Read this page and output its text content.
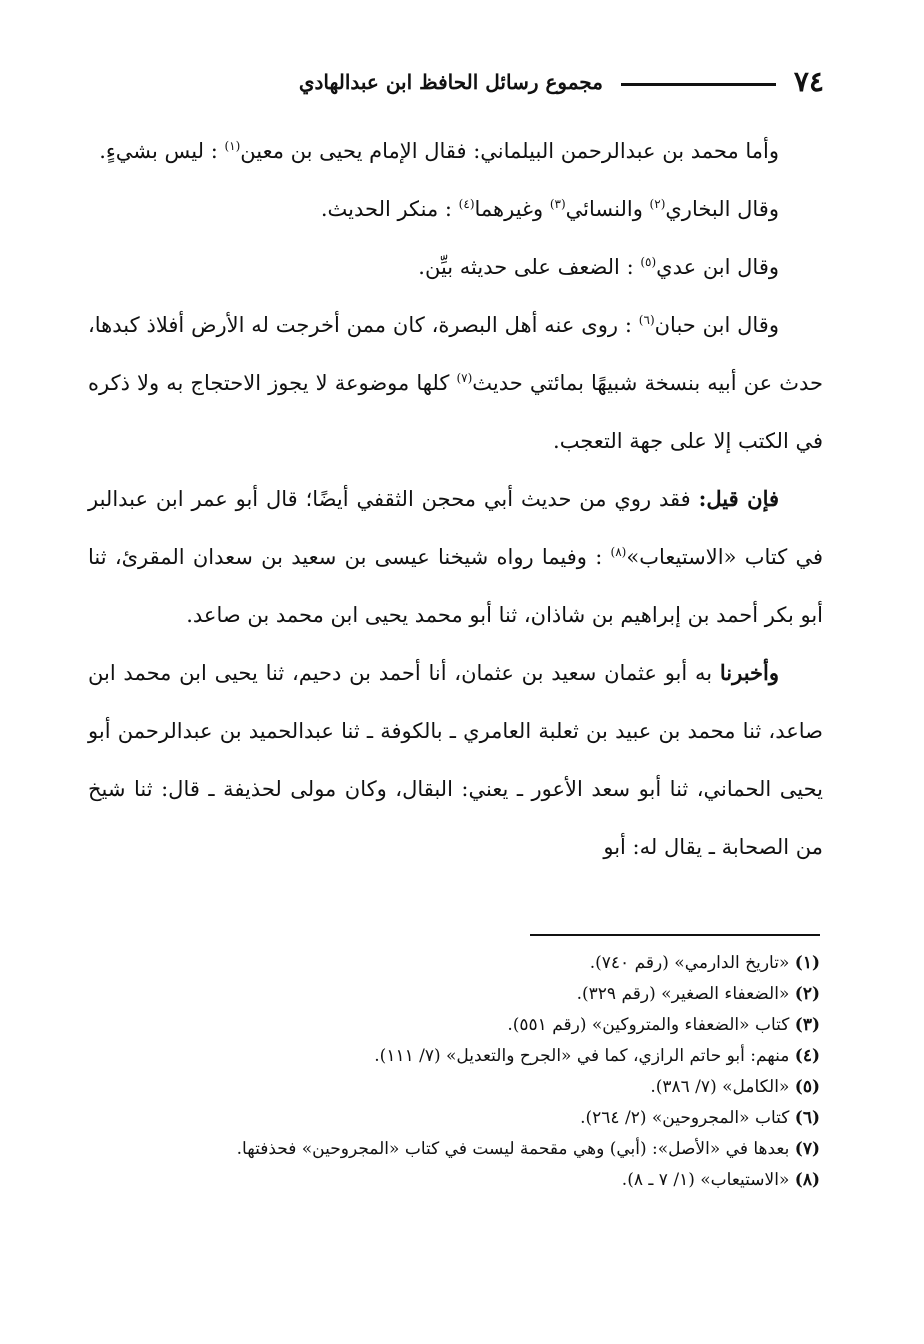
٧٤
مجموع رسائل الحافظ ابن عبدالهادي

وأما محمد بن عبدالرحمن البيلماني: فقال الإمام يحيى بن معين$^{(١)}$ : ليس بشيءٍ.

وقال البخاري$^{(٢)}$ والنسائي$^{(٣)}$ وغيرهما$^{(٤)}$ : منكر الحديث.

وقال ابن عدي$^{(٥)}$ : الضعف على حديثه بيِّن.

وقال ابن حبان$^{(٦)}$ : روى عنه أهل البصرة، كان ممن أخرجت له الأرض أفلاذ كبدها، حدث عن أبيه بنسخة شبيهًا بمائتي حديث$^{(٧)}$ كلها موضوعة لا يجوز الاحتجاج به ولا ذكره في الكتب إلا على جهة التعجب.

فإن قيل: فقد روي من حديث أبي محجن الثقفي أيضًا؛ قال أبو عمر ابن عبدالبر في كتاب «الاستيعاب»$^{(٨)}$ : وفيما رواه شيخنا عيسى بن سعيد بن سعدان المقرئ، ثنا أبو بكر أحمد بن إبراهيم بن شاذان، ثنا أبو محمد يحيى ابن محمد بن صاعد.

وأخبرنا به أبو عثمان سعيد بن عثمان، أنا أحمد بن دحيم، ثنا يحيى ابن محمد ابن صاعد، ثنا محمد بن عبيد بن ثعلبة العامري ـ بالكوفة ـ ثنا عبدالحميد بن عبدالرحمن أبو يحيى الحماني، ثنا أبو سعد الأعور ـ يعني: البقال، وكان مولى لحذيفة ـ قال: ثنا شيخ من الصحابة ـ يقال له: أبو

(١) «تاريخ الدارمي» (رقم ٧٤٠).

(٢) «الضعفاء الصغير» (رقم ٣٢٩).

(٣) كتاب «الضعفاء والمتروكين» (رقم ٥٥١).

(٤) منهم: أبو حاتم الرازي، كما في «الجرح والتعديل» (٧/ ١١١).

(٥) «الكامل» (٧/ ٣٨٦).

(٦) كتاب «المجروحين» (٢/ ٢٦٤).

(٧) بعدها في «الأصل»: (أبي) وهي مقحمة ليست في كتاب «المجروحين» فحذفتها.

(٨) «الاستيعاب» (١/ ٧ ـ ٨).
